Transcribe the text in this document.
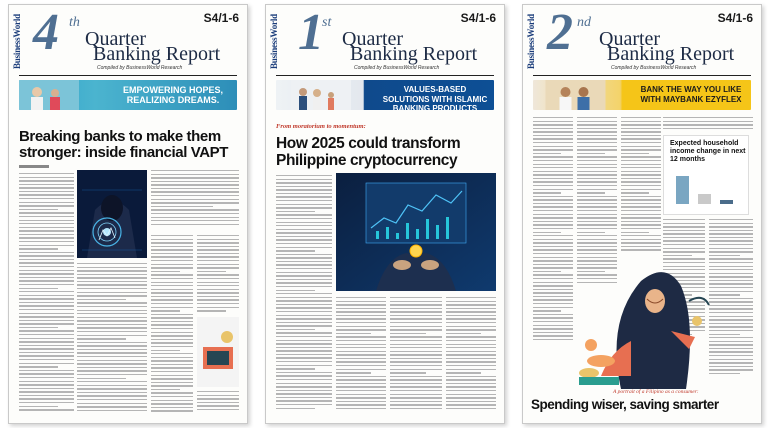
BusinessWorld	S4/1-6
4 th
Quarter
Banking Report
Compiled by BusinessWorld Research
EMPOWERING HOPES, REALIZING DREAMS.
Breaking banks to make them stronger: inside financial VAPT
BusinessWorld	S4/1-6
1 st
Quarter
Banking Report
Compiled by BusinessWorld Research
VALUES-BASED SOLUTIONS WITH ISLAMIC BANKING PRODUCTS
From moratorium to momentum:
How 2025 could transform Philippine cryptocurrency
BusinessWorld	S4/1-6
2 nd
Quarter
Banking Report
Compiled by BusinessWorld Research
BANK THE WAY YOU LIKE WITH MAYBANK EZYFLEX
Expected household income change in next 12 months
A portrait of a Filipino as a consumer:
Spending wiser, saving smarter
